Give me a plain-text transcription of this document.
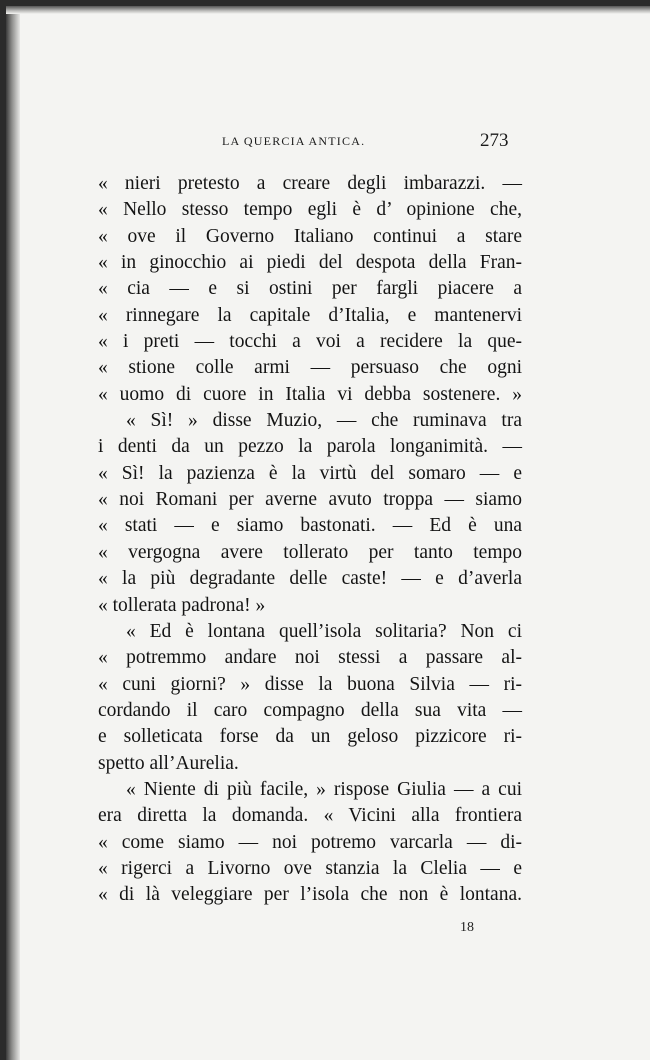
LA QUERCIA ANTICA.	273
« nieri pretesto a creare degli imbarazzi. —
« Nello stesso tempo egli è d’ opinione che,
« ove il Governo Italiano continui a stare
« in ginocchio ai piedi del despota della Fran-
« cia — e si ostini per fargli piacere a
« rinnegare la capitale d’Italia, e mantenervi
« i preti — tocchi a voi a recidere la que-
« stione colle armi — persuaso che ogni
« uomo di cuore in Italia vi debba sostenere. »
« Sì! » disse Muzio, — che ruminava tra
i denti da un pezzo la parola longanimità. —
« Sì! la pazienza è la virtù del somaro — e
« noi Romani per averne avuto troppa — siamo
« stati — e siamo bastonati. — Ed è una
« vergogna avere tollerato per tanto tempo
« la più degradante delle caste! — e d’averla
« tollerata padrona! »
« Ed è lontana quell’isola solitaria? Non ci
« potremmo andare noi stessi a passare al-
« cuni giorni? » disse la buona Silvia — ri-
cordando il caro compagno della sua vita —
e solleticata forse da un geloso pizzicore ri-
spetto all’Aurelia.
« Niente di più facile, » rispose Giulia — a cui
era diretta la domanda. « Vicini alla frontiera
« come siamo — noi potremo varcarla — di-
« rigerci a Livorno ove stanzia la Clelia — e
« di là veleggiare per l’isola che non è lontana.
18
